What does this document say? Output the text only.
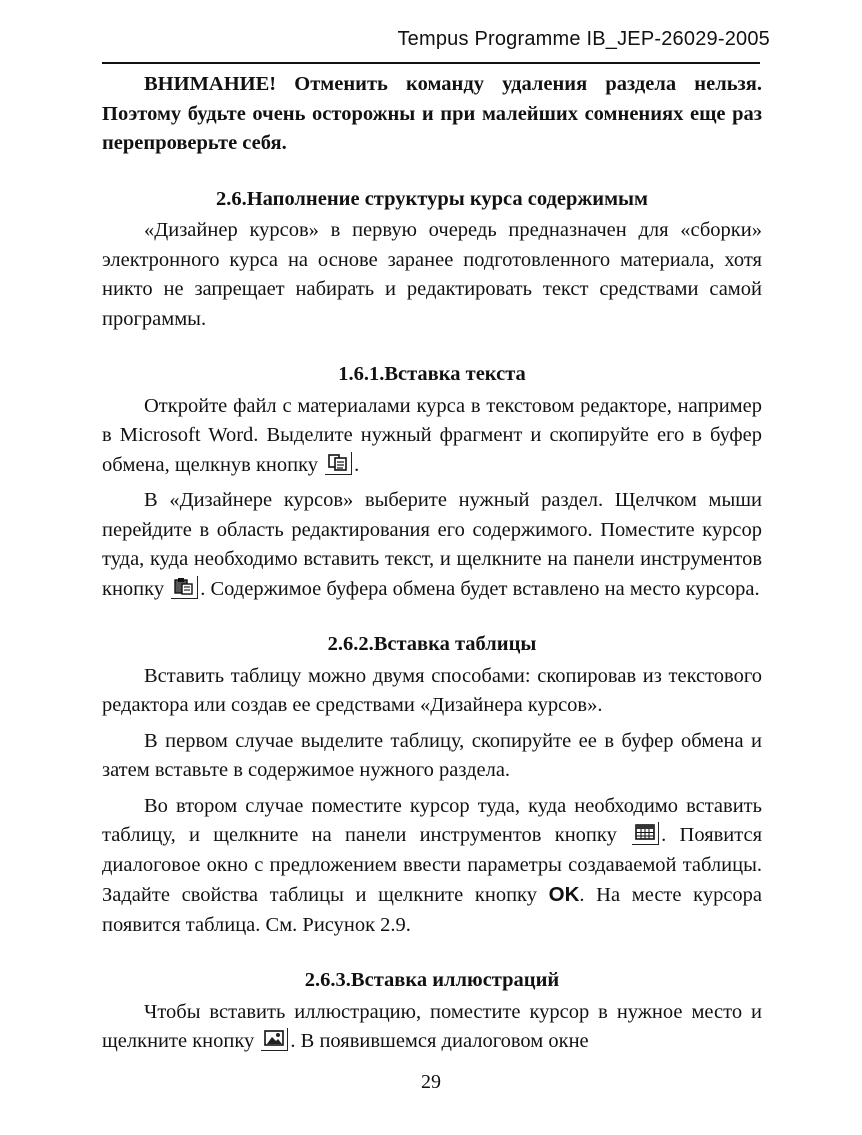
Tempus Programme IB_JEP-26029-2005

ВНИМАНИЕ! Отменить команду удаления раздела нельзя. Поэтому будьте очень осторожны и при малейших сомнениях еще раз перепроверьте себя.

2.6.Наполнение структуры курса содержимым

«Дизайнер курсов» в первую очередь предназначен для «сборки» электронного курса на основе заранее подготовленного материала, хотя никто не запрещает набирать и редактировать текст средствами самой программы.

1.6.1.Вставка текста

Откройте файл с материалами курса в текстовом редакторе, например в Microsoft Word. Выделите нужный фрагмент и скопируйте его в буфер обмена, щелкнув кнопку .

В «Дизайнере курсов» выберите нужный раздел. Щелчком мыши перейдите в область редактирования его содержимого. Поместите курсор туда, куда необходимо вставить текст, и щелкните на панели инструментов кнопку . Содержимое буфера обмена будет вставлено на место курсора.

2.6.2.Вставка таблицы

Вставить таблицу можно двумя способами: скопировав из текстового редактора или создав ее средствами «Дизайнера курсов».

В первом случае выделите таблицу, скопируйте ее в буфер обмена и затем вставьте в содержимое нужного раздела.

Во втором случае поместите курсор туда, куда необходимо вставить таблицу, и щелкните на панели инструментов кнопку . Появится диалоговое окно с предложением ввести параметры создаваемой таблицы. Задайте свойства таблицы и щелкните кнопку OK. На месте курсора появится таблица. См. Рисунок 2.9.

2.6.3.Вставка иллюстраций

Чтобы вставить иллюстрацию, поместите курсор в нужное место и щелкните кнопку . В появившемся диалоговом окне

29
